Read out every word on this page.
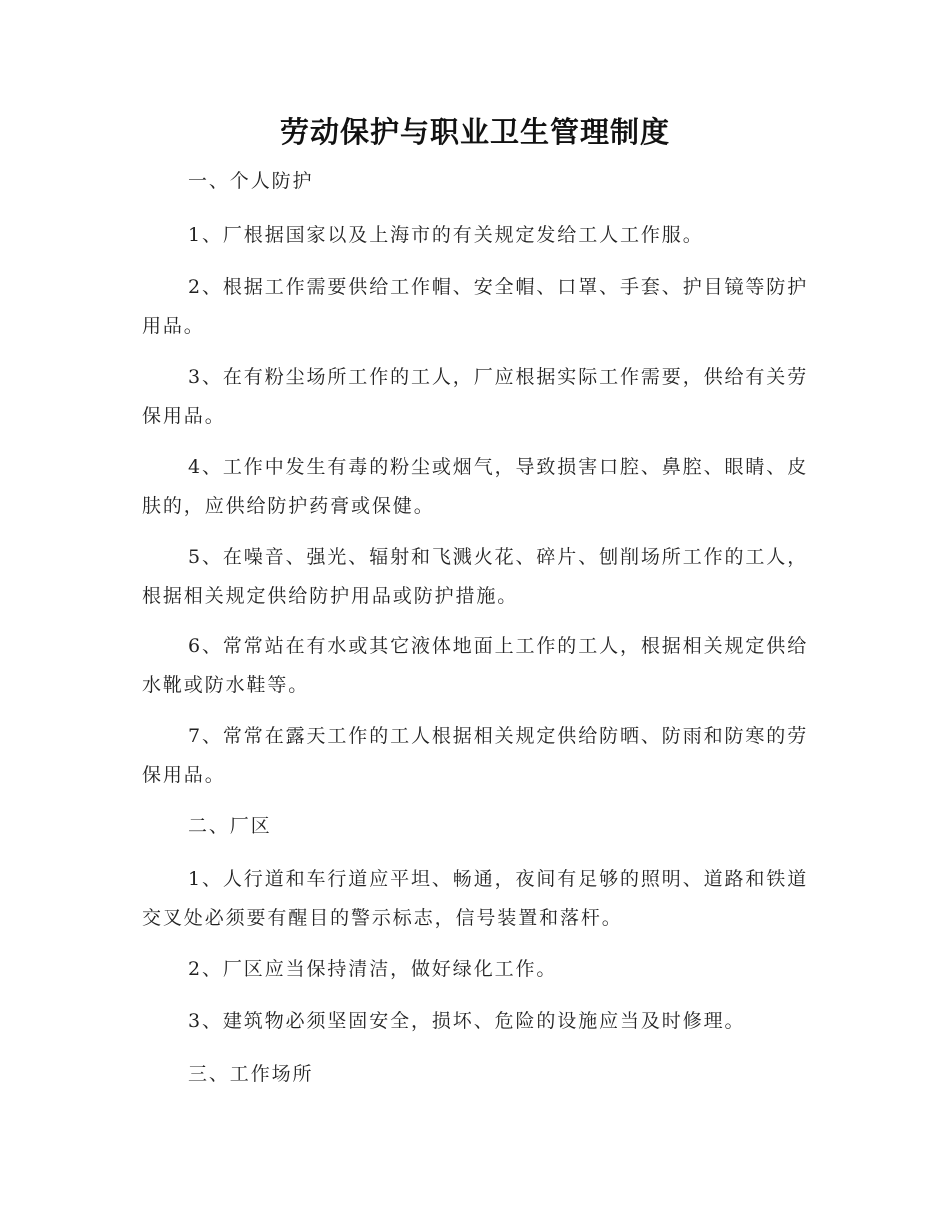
劳动保护与职业卫生管理制度

一、个人防护

1、厂根据国家以及上海市的有关规定发给工人工作服。

2、根据工作需要供给工作帽、安全帽、口罩、手套、护目镜等防护用品。

3、在有粉尘场所工作的工人，厂应根据实际工作需要，供给有关劳保用品。

4、工作中发生有毒的粉尘或烟气，导致损害口腔、鼻腔、眼睛、皮肤的，应供给防护药膏或保健。

5、在噪音、强光、辐射和飞溅火花、碎片、刨削场所工作的工人，根据相关规定供给防护用品或防护措施。

6、常常站在有水或其它液体地面上工作的工人，根据相关规定供给水靴或防水鞋等。

7、常常在露天工作的工人根据相关规定供给防晒、防雨和防寒的劳保用品。

二、厂区

1、人行道和车行道应平坦、畅通，夜间有足够的照明、道路和铁道交叉处必须要有醒目的警示标志，信号装置和落杆。

2、厂区应当保持清洁，做好绿化工作。

3、建筑物必须坚固安全，损坏、危险的设施应当及时修理。

三、工作场所
